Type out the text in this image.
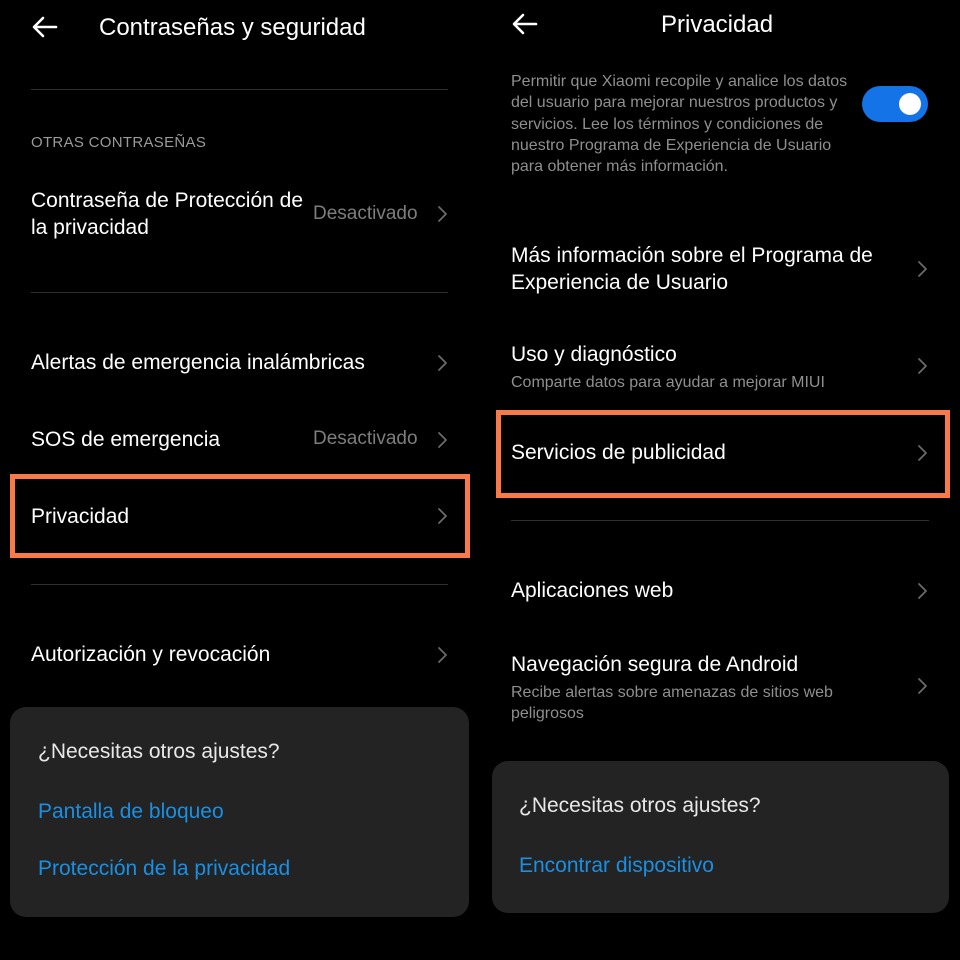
Contraseñas y seguridad
OTRAS CONTRASEÑAS
Contraseña de Protección de la privacidad
Desactivado
Alertas de emergencia inalámbricas
SOS de emergencia	Desactivado
Privacidad
Autorización y revocación
¿Necesitas otros ajustes?
Pantalla de bloqueo
Protección de la privacidad
Privacidad
Permitir que Xiaomi recopile y analice los datos del usuario para mejorar nuestros productos y servicios. Lee los términos y condiciones de nuestro Programa de Experiencia de Usuario para obtener más información.
Más información sobre el Programa de Experiencia de Usuario
Uso y diagnóstico
Comparte datos para ayudar a mejorar MIUI
Servicios de publicidad
Aplicaciones web
Navegación segura de Android
Recibe alertas sobre amenazas de sitios web peligrosos
¿Necesitas otros ajustes?
Encontrar dispositivo
